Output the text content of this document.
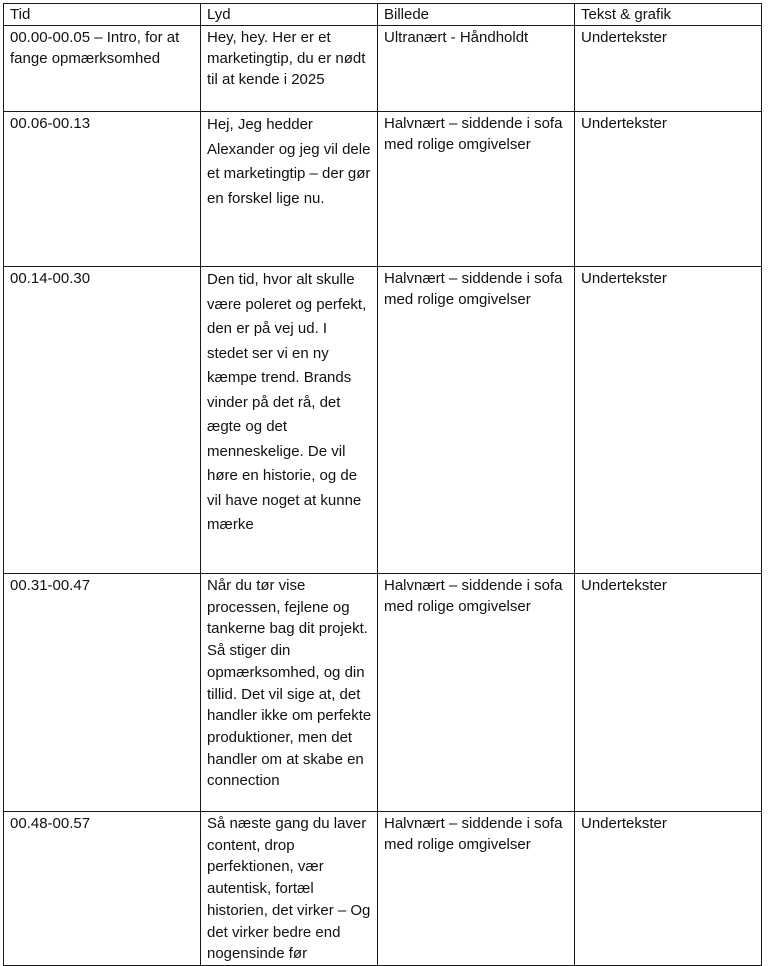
Tid	Lyd	Billede	Tekst & grafik

00.00-00.05 – Intro, for at fange opmærksomhed	Hey, hey. Her er et marketingtip, du er nødt til at kende i 2025	Ultranært - Håndholdt	Undertekster

00.06-00.13	Hej, Jeg hedder Alexander og jeg vil dele et marketingtip – der gør en forskel lige nu.	Halvnært – siddende i sofa med rolige omgivelser	Undertekster

00.14-00.30	Den tid, hvor alt skulle være poleret og perfekt, den er på vej ud. I stedet ser vi en ny kæmpe trend. Brands vinder på det rå, det ægte og det menneskelige. De vil høre en historie, og de vil have noget at kunne mærke	Halvnært – siddende i sofa med rolige omgivelser	Undertekster

00.31-00.47	Når du tør vise processen, fejlene og tankerne bag dit projekt. Så stiger din opmærksomhed, og din tillid. Det vil sige at, det handler ikke om perfekte produktioner, men det handler om at skabe en connection	Halvnært – siddende i sofa med rolige omgivelser	Undertekster

00.48-00.57	Så næste gang du laver content, drop perfektionen, vær autentisk, fortæl historien, det virker – Og det virker bedre end nogensinde før	Halvnært – siddende i sofa med rolige omgivelser	Undertekster
